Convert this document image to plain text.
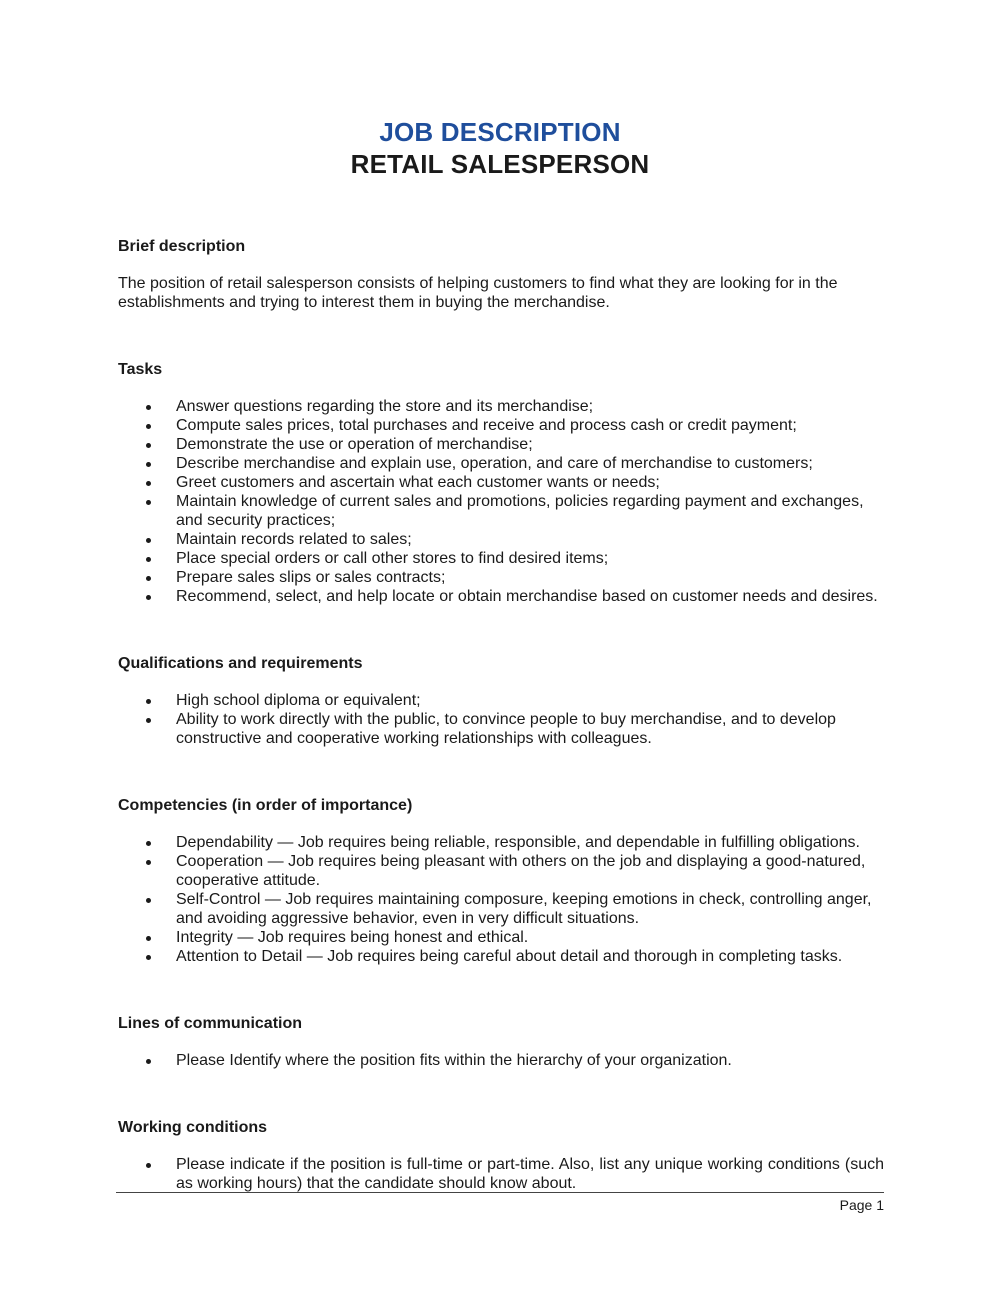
JOB DESCRIPTION
RETAIL SALESPERSON

Brief description

The position of retail salesperson consists of helping customers to find what they are looking for in the establishments and trying to interest them in buying the merchandise.

Tasks

Answer questions regarding the store and its merchandise;
Compute sales prices, total purchases and receive and process cash or credit payment;
Demonstrate the use or operation of merchandise;
Describe merchandise and explain use, operation, and care of merchandise to customers;
Greet customers and ascertain what each customer wants or needs;
Maintain knowledge of current sales and promotions, policies regarding payment and exchanges, and security practices;
Maintain records related to sales;
Place special orders or call other stores to find desired items;
Prepare sales slips or sales contracts;
Recommend, select, and help locate or obtain merchandise based on customer needs and desires.

Qualifications and requirements

High school diploma or equivalent;
Ability to work directly with the public, to convince people to buy merchandise, and to develop constructive and cooperative working relationships with colleagues.

Competencies (in order of importance)

Dependability — Job requires being reliable, responsible, and dependable in fulfilling obligations.
Cooperation — Job requires being pleasant with others on the job and displaying a good-natured, cooperative attitude.
Self-Control — Job requires maintaining composure, keeping emotions in check, controlling anger, and avoiding aggressive behavior, even in very difficult situations.
Integrity — Job requires being honest and ethical.
Attention to Detail — Job requires being careful about detail and thorough in completing tasks.

Lines of communication

Please Identify where the position fits within the hierarchy of your organization.

Working conditions

Please indicate if the position is full-time or part-time. Also, list any unique working conditions (such as working hours) that the candidate should know about.
Page 1
